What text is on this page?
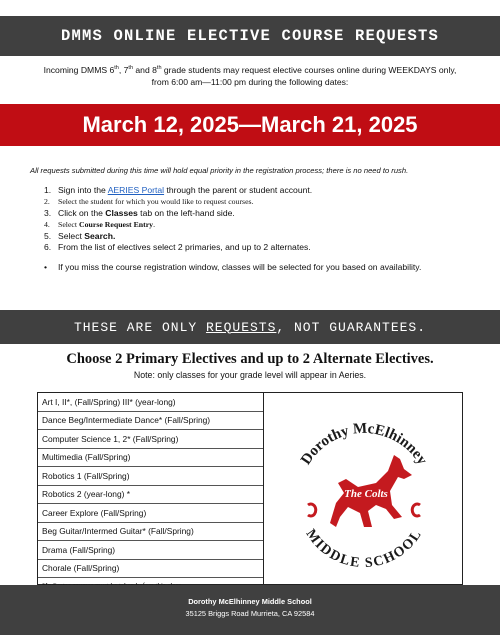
DMMS ONLINE ELECTIVE COURSE REQUESTS
Incoming DMMS 6th, 7th and 8th grade students may request elective courses online during WEEKDAYS only,
from 6:00 am—11:00 pm during the following dates:
March 12, 2025—March 21, 2025
All requests submitted during this time will hold equal priority in the registration process; there is no need to rush.
1. Sign into the AERIES Portal through the parent or student account.
2.	Select the student for which you would like to request courses.
3. Click on the Classes tab on the left-hand side.
4.	Select Course Request Entry.
5. Select Search.
6. From the list of electives select 2 primaries, and up to 2 alternates.
•	If you miss the course registration window, classes will be selected for you based on availability.
THESE ARE ONLY REQUESTS, NOT GUARANTEES.
Choose 2 Primary Electives and up to 2 Alternate Electives.
Note: only classes for your grade level will appear in Aeries.
Art I, II*, (Fall/Spring) III* (year-long)
Dance Beg/Intermediate Dance* (Fall/Spring)
Computer Science 1, 2* (Fall/Spring)
Multimedia (Fall/Spring)
Robotics 1 (Fall/Spring)
Robotics 2 (year-long) *
Career Explore (Fall/Spring)
Beg Guitar/Intermed Guitar* (Fall/Spring)
Drama (Fall/Spring)
Chorale (Fall/Spring)
Dorothy McElhinney
MIDDLE SCHOOL
The Colts
Dorothy McElhinney Middle School
35125 Briggs Road Murrieta, CA 92584
